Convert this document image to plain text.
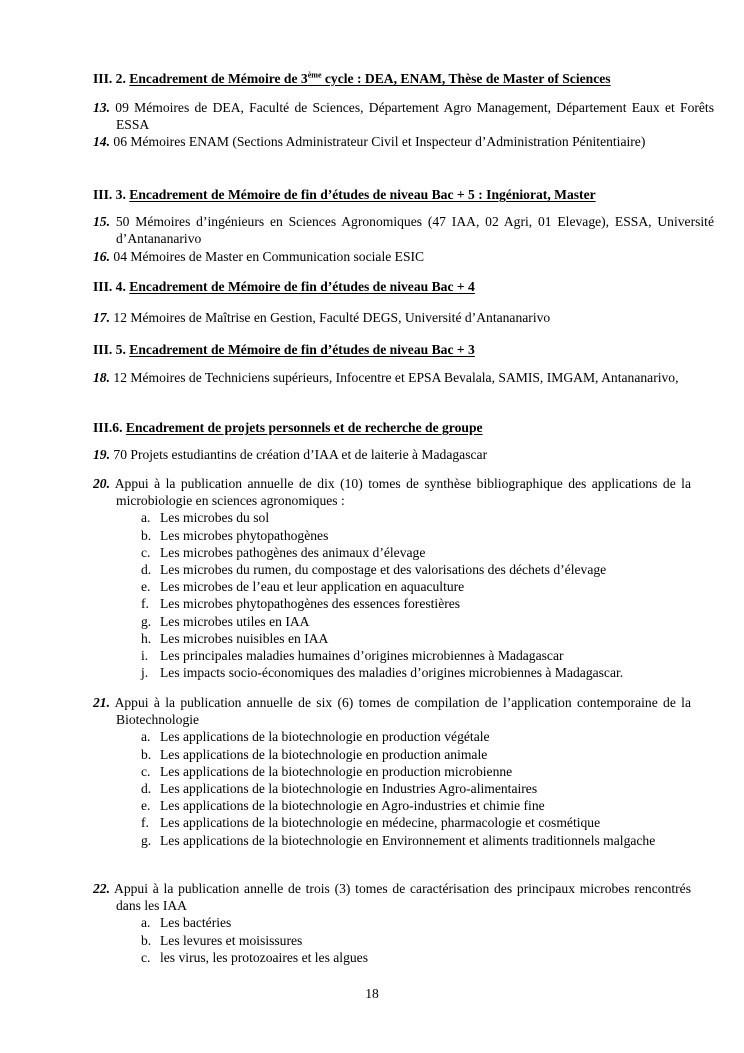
III. 2. Encadrement de Mémoire de 3ème cycle : DEA, ENAM, Thèse de Master of Sciences
13. 09 Mémoires de DEA, Faculté de Sciences, Département Agro Management, Département Eaux et Forêts ESSA
14. 06 Mémoires ENAM (Sections Administrateur Civil et Inspecteur d’Administration Pénitentiaire)
III. 3. Encadrement de Mémoire de fin d’études de niveau Bac + 5 : Ingéniorat, Master
15. 50 Mémoires d’ingénieurs en Sciences Agronomiques (47 IAA, 02 Agri, 01 Elevage), ESSA, Université d’Antananarivo
16. 04 Mémoires de Master en Communication sociale ESIC
III. 4. Encadrement de Mémoire de fin d’études de niveau Bac + 4
17. 12 Mémoires de Maîtrise en Gestion, Faculté DEGS, Université d’Antananarivo
III. 5. Encadrement de Mémoire de fin d’études de niveau Bac + 3
18. 12 Mémoires de Techniciens supérieurs, Infocentre et EPSA Bevalala, SAMIS, IMGAM, Antananarivo,
III.6. Encadrement de projets personnels et de recherche de groupe
19. 70 Projets estudiantins de création d’IAA et de laiterie à Madagascar
20. Appui à la publication annuelle de dix (10) tomes de synthèse bibliographique des applications de la microbiologie en sciences agronomiques :
a. Les microbes du sol
b. Les microbes phytopathogènes
c. Les microbes pathogènes des animaux d’élevage
d. Les microbes du rumen, du compostage et des valorisations des déchets d’élevage
e. Les microbes de l’eau et leur application en aquaculture
f. Les microbes phytopathogènes des essences forestières
g. Les microbes utiles en IAA
h. Les microbes nuisibles en IAA
i. Les principales maladies humaines d’origines microbiennes à Madagascar
j. Les impacts socio-économiques des maladies d’origines microbiennes à Madagascar.
21. Appui à la publication annuelle de six (6) tomes de compilation de l’application contemporaine de la Biotechnologie
a. Les applications de la biotechnologie en production végétale
b. Les applications de la biotechnologie en production animale
c. Les applications de la biotechnologie en production microbienne
d. Les applications de la biotechnologie en Industries Agro-alimentaires
e. Les applications de la biotechnologie en Agro-industries et chimie fine
f. Les applications de la biotechnologie en médecine, pharmacologie et cosmétique
g. Les applications de la biotechnologie en Environnement et aliments traditionnels malgache
22. Appui à la publication annelle de trois (3) tomes de caractérisation des principaux microbes rencontrés dans les IAA
a. Les bactéries
b. Les levures et moisissures
c. les virus, les protozoaires et les algues
18
